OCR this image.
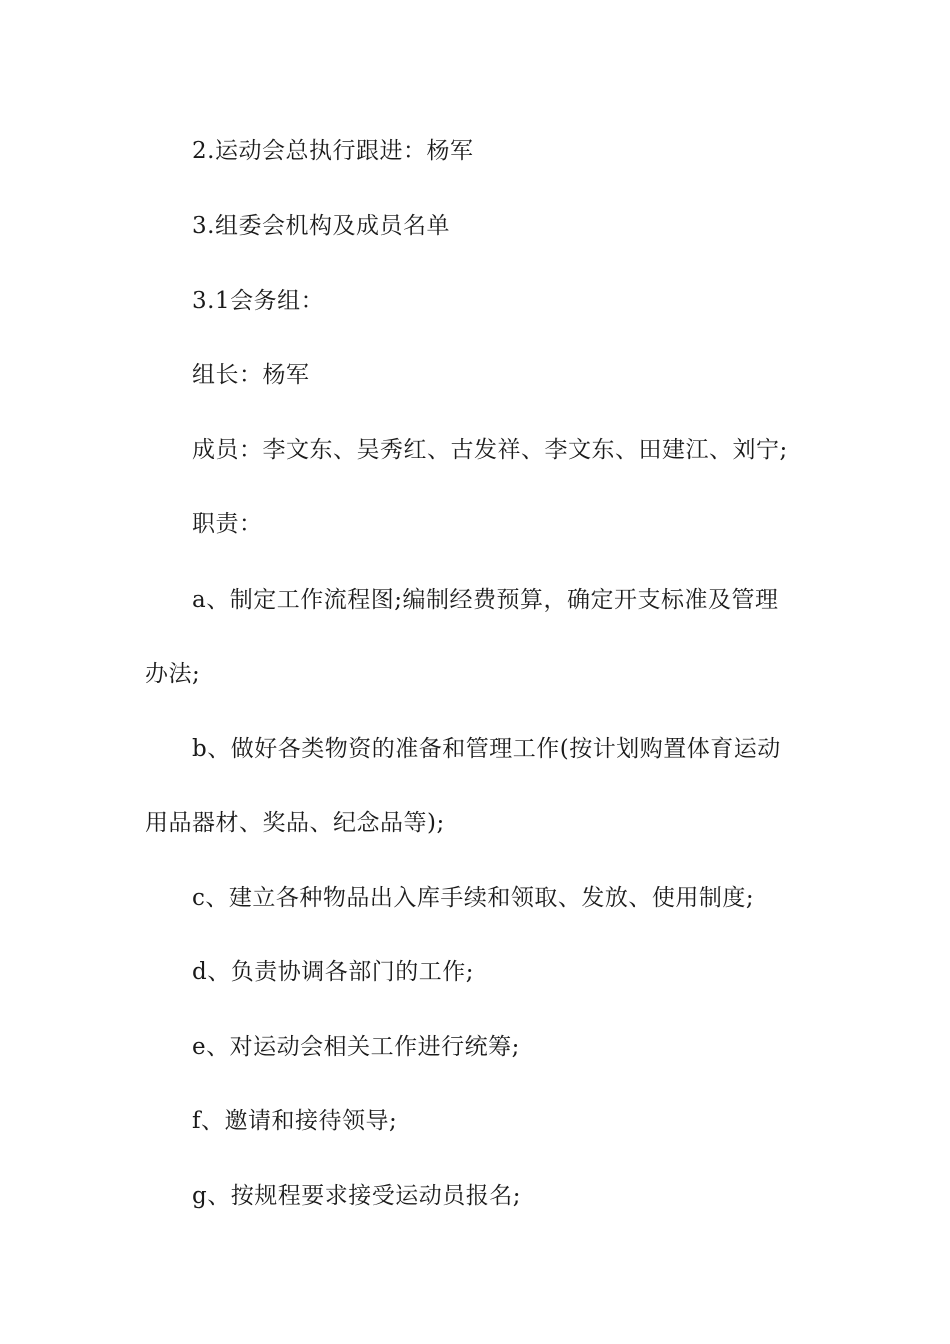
2.运动会总执行跟进：杨军
3.组委会机构及成员名单
3.1会务组：
组长：杨军
成员：李文东、吴秀红、古发祥、李文东、田建江、刘宁;
职责：
a、制定工作流程图;编制经费预算，确定开支标准及管理
办法;
b、做好各类物资的准备和管理工作(按计划购置体育运动
用品器材、奖品、纪念品等);
c、建立各种物品出入库手续和领取、发放、使用制度;
d、负责协调各部门的工作;
e、对运动会相关工作进行统筹;
f、邀请和接待领导;
g、按规程要求接受运动员报名;
